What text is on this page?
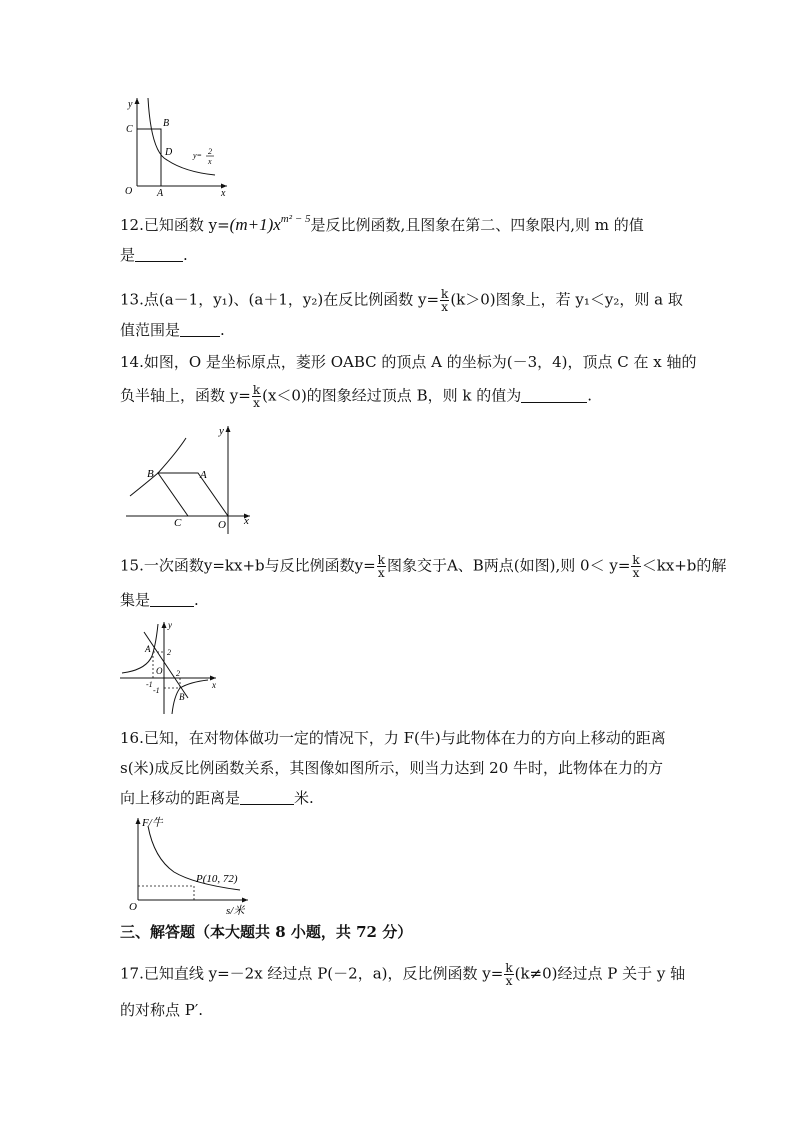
y
x
O A
B
C
D	y= 2
x
12.已知函数 $y=(m+1)x^{m^2 - 5}$是反比例函数,且图象在第二、四象限内,则 m 的值
是	.
13.点(a－1，y₁)、(a＋1，y₂)在反比例函数 $y= \frac{k}{x} (k>0)$图象上，若 y₁＜y₂，则 a 取
值范围是	.
14.如图，O 是坐标原点，菱形 OABC 的顶点 A 的坐标为(－3，4)，顶点 C 在 x 轴的
负半轴上，函数 $y= \frac{k}{x} (x<0)$的图象经过顶点 B，则 k 的值为	.
y
x
A
B
C	O
15.一次函数y=kx+b与反比例函数$y= \frac{k}{x}$ 图象交于A、B两点(如图),则 $0< y= \frac{k}{x} <kx+b$的解
集是	.
y
x
A
B
O
2
2
-1
-1
16.已知，在对物体做功一定的情况下，力 F(牛)与此物体在力的方向上移动的距离
s(米)成反比例函数关系，其图像如图所示，则当力达到 20 牛时，此物体在力的方
向上移动的距离是	米.
F/牛
s/米
O
P(10, 72)
三、解答题（本大题共 8 小题，共 72 分）
17.已知直线 y=－2x 经过点 P(－2，a)，反比例函数 $y= \frac{k}{x} (k\ne 0)$经过点 P 关于 y 轴
的对称点 P′.
